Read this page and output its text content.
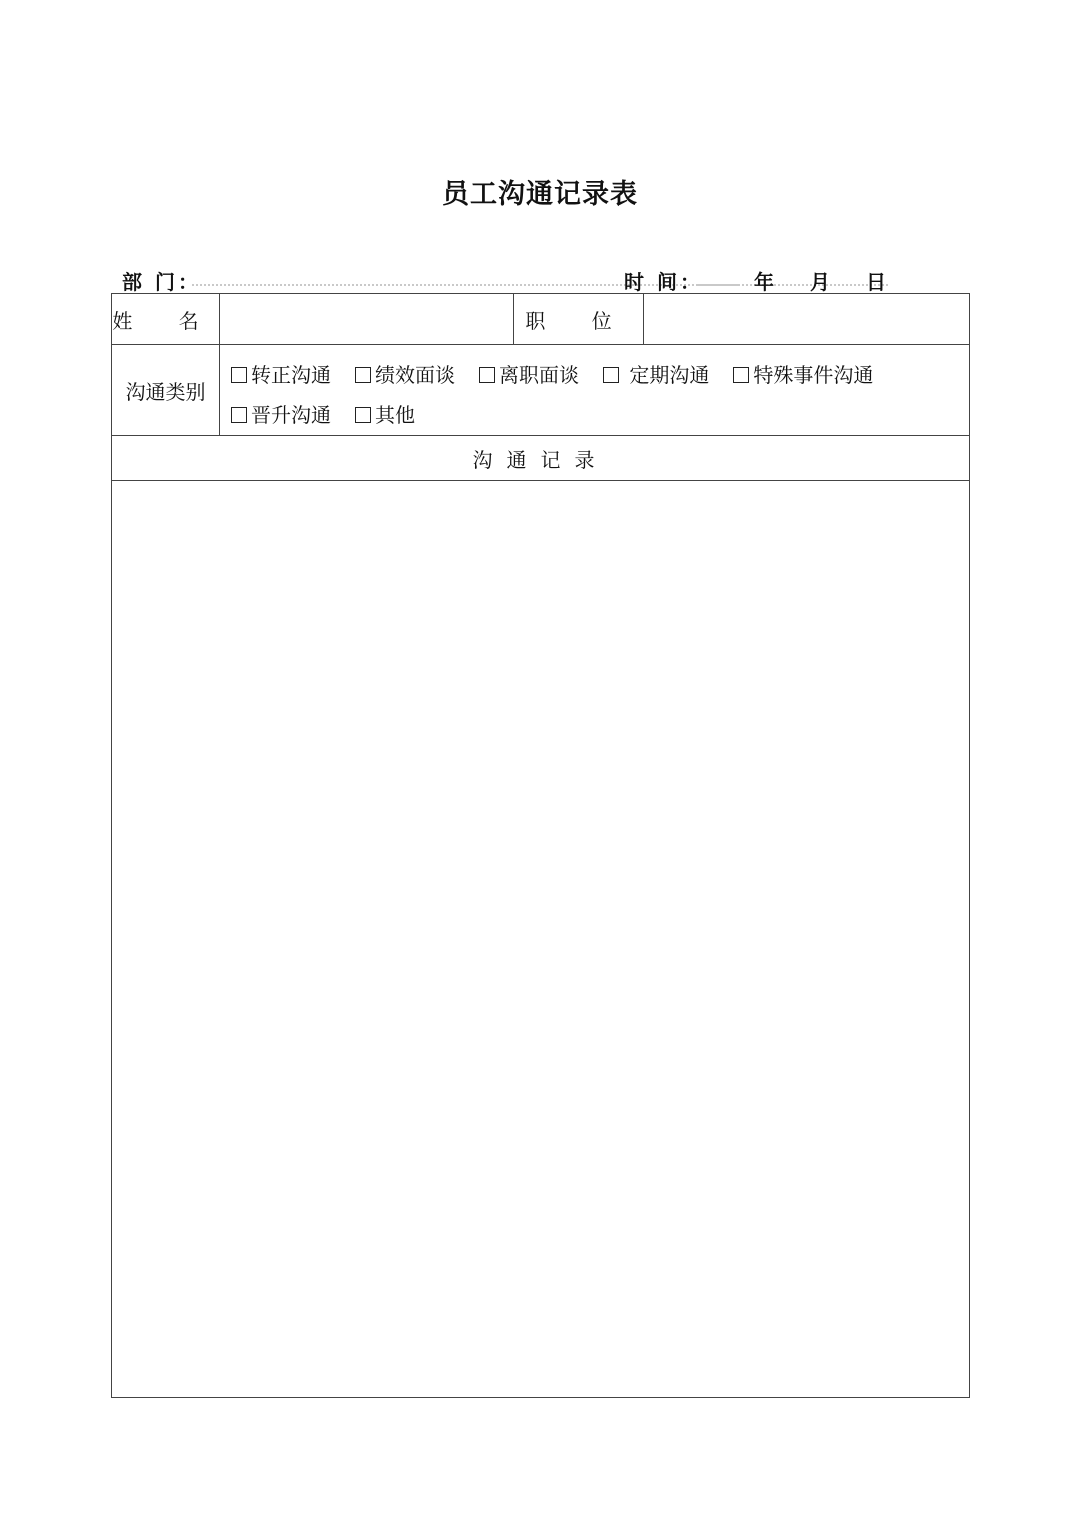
员工沟通记录表
部 门：	时 间：	年 月 日
姓 名		职 位	
沟通类别	转正沟通 绩效面谈 离职面谈 定期沟通 特殊事件沟通
晋升沟通 其他		

沟通记录			
